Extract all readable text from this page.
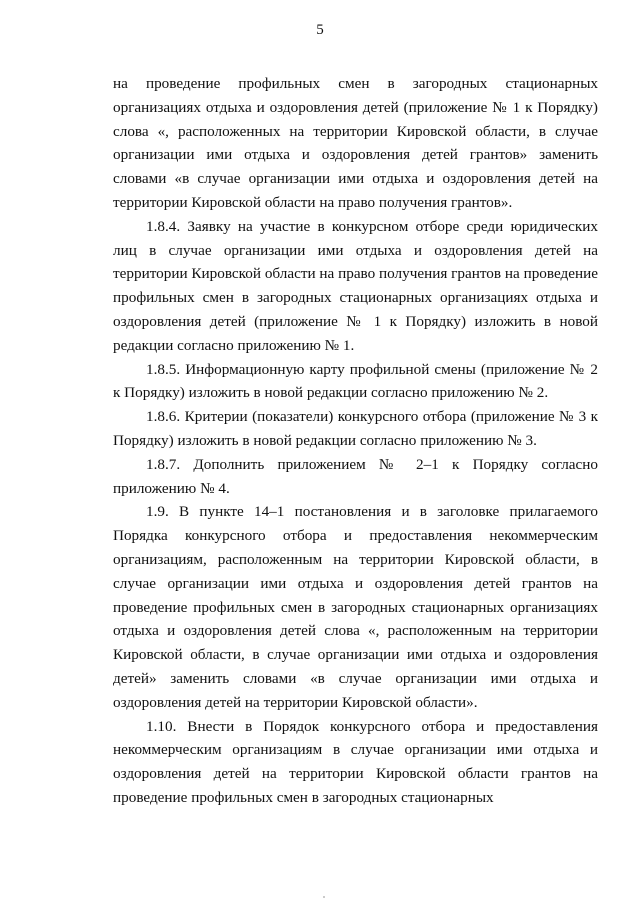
5

на проведение профильных смен в загородных стационарных организациях отдыха и оздоровления детей (приложение № 1 к Порядку) слова «, расположенных на территории Кировской области, в случае организации ими отдыха и оздоровления детей грантов» заменить словами «в случае организации ими отдыха и оздоровления детей на территории Кировской области на право получения грантов».

1.8.4. Заявку на участие в конкурсном отборе среди юридических лиц в случае организации ими отдыха и оздоровления детей на территории Кировской области на право получения грантов на проведение профильных смен в загородных стационарных организациях отдыха и оздоровления детей (приложение № 1 к Порядку) изложить в новой редакции согласно приложению № 1.

1.8.5. Информационную карту профильной смены (приложение № 2 к Порядку) изложить в новой редакции согласно приложению № 2.

1.8.6. Критерии (показатели) конкурсного отбора (приложение № 3 к Порядку) изложить в новой редакции согласно приложению № 3.

1.8.7. Дополнить приложением № 2–1 к Порядку согласно приложению № 4.

1.9. В пункте 14–1 постановления и в заголовке прилагаемого Порядка конкурсного отбора и предоставления некоммерческим организациям, расположенным на территории Кировской области, в случае организации ими отдыха и оздоровления детей грантов на проведение профильных смен в загородных стационарных организациях отдыха и оздоровления детей слова «, расположенным на территории Кировской области, в случае организации ими отдыха и оздоровления детей» заменить словами «в случае организации ими отдыха и оздоровления детей на территории Кировской области».

1.10. Внести в Порядок конкурсного отбора и предоставления некоммерческим организациям в случае организации ими отдыха и оздоровления детей на территории Кировской области грантов на проведение профильных смен в загородных стационарных
